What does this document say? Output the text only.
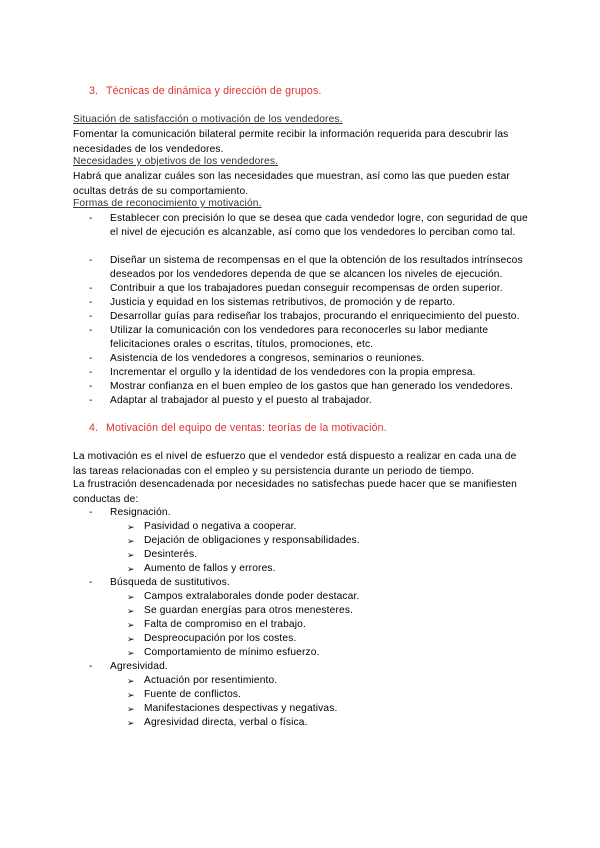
3. Técnicas de dinámica y dirección de grupos.
Situación de satisfacción o motivación de los vendedores.
Fomentar la comunicación bilateral permite recibir la información requerida para descubrir las necesidades de los vendedores.
Necesidades y objetivos de los vendedores.
Habrá que analizar cuáles son las necesidades que muestran, así como las que pueden estar ocultas detrás de su comportamiento.
Formas de reconocimiento y motivación.
-	Establecer con precisión lo que se desea que cada vendedor logre, con seguridad de que el nivel de ejecución es alcanzable, así como que los vendedores lo perciban como tal.
-	Diseñar un sistema de recompensas en el que la obtención de los resultados intrínsecos deseados por los vendedores dependa de que se alcancen los niveles de ejecución.
-	Contribuir a que los trabajadores puedan conseguir recompensas de orden superior.
-	Justicia y equidad en los sistemas retributivos, de promoción y de reparto.
-	Desarrollar guías para rediseñar los trabajos, procurando el enriquecimiento del puesto.
-	Utilizar la comunicación con los vendedores para reconocerles su labor mediante felicitaciones orales o escritas, títulos, promociones, etc.
-	Asistencia de los vendedores a congresos, seminarios o reuniones.
-	Incrementar el orgullo y la identidad de los vendedores con la propia empresa.
-	Mostrar confianza en el buen empleo de los gastos que han generado los vendedores.
-	Adaptar al trabajador al puesto y el puesto al trabajador.
4. Motivación del equipo de ventas: teorías de la motivación.
La motivación es el nivel de esfuerzo que el vendedor está dispuesto a realizar en cada una de las tareas relacionadas con el empleo y su persistencia durante un periodo de tiempo.
La frustración desencadenada por necesidades no satisfechas puede hacer que se manifiesten conductas de:
-	Resignación.
➢ Pasividad o negativa a cooperar.
➢ Dejación de obligaciones y responsabilidades.
➢ Desinterés.
➢ Aumento de fallos y errores.
-	Búsqueda de sustitutivos.
➢ Campos extralaborales donde poder destacar.
➢ Se guardan energías para otros menesteres.
➢ Falta de compromiso en el trabajo.
➢ Despreocupación por los costes.
➢ Comportamiento de mínimo esfuerzo.
-	Agresividad.
➢ Actuación por resentimiento.
➢ Fuente de conflictos.
➢ Manifestaciones despectivas y negativas.
➢ Agresividad directa, verbal o física.
